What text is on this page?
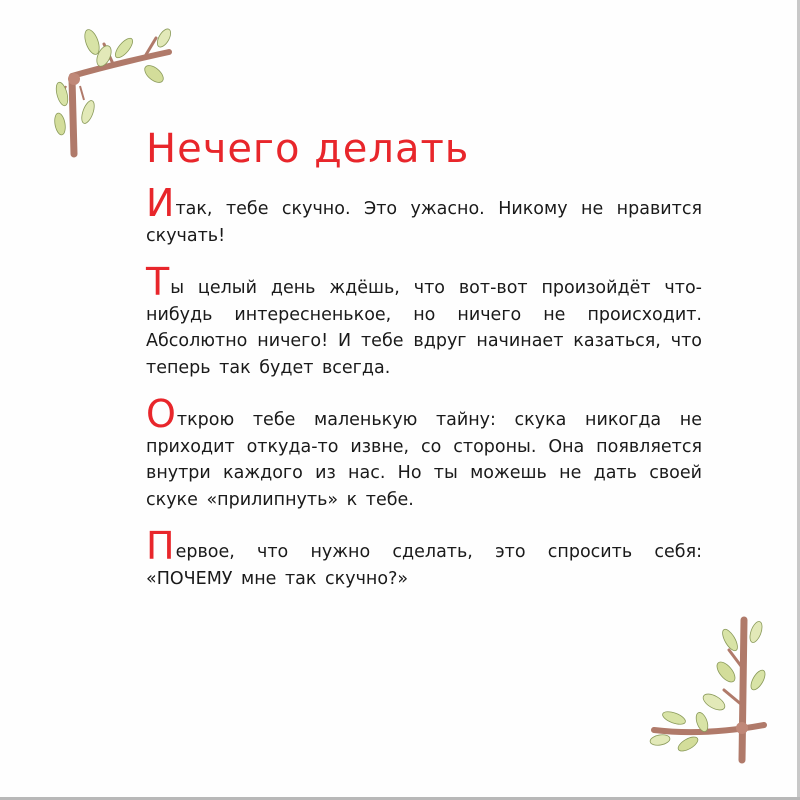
Нечего делать

Итак, тебе скучно. Это ужасно. Никому не нравится скучать!

Ты целый день ждёшь, что вот-вот произойдёт что-нибудь интересненькое, но ничего не происходит. Абсолютно ничего! И тебе вдруг начинает казаться, что теперь так будет всегда.

Открою тебе маленькую тайну: скука никогда не приходит откуда-то извне, со стороны. Она появляется внутри каждого из нас. Но ты можешь не дать своей скуке «прилипнуть» к тебе.

Первое, что нужно сделать, это спросить себя: «ПОЧЕМУ мне так скучно?»
